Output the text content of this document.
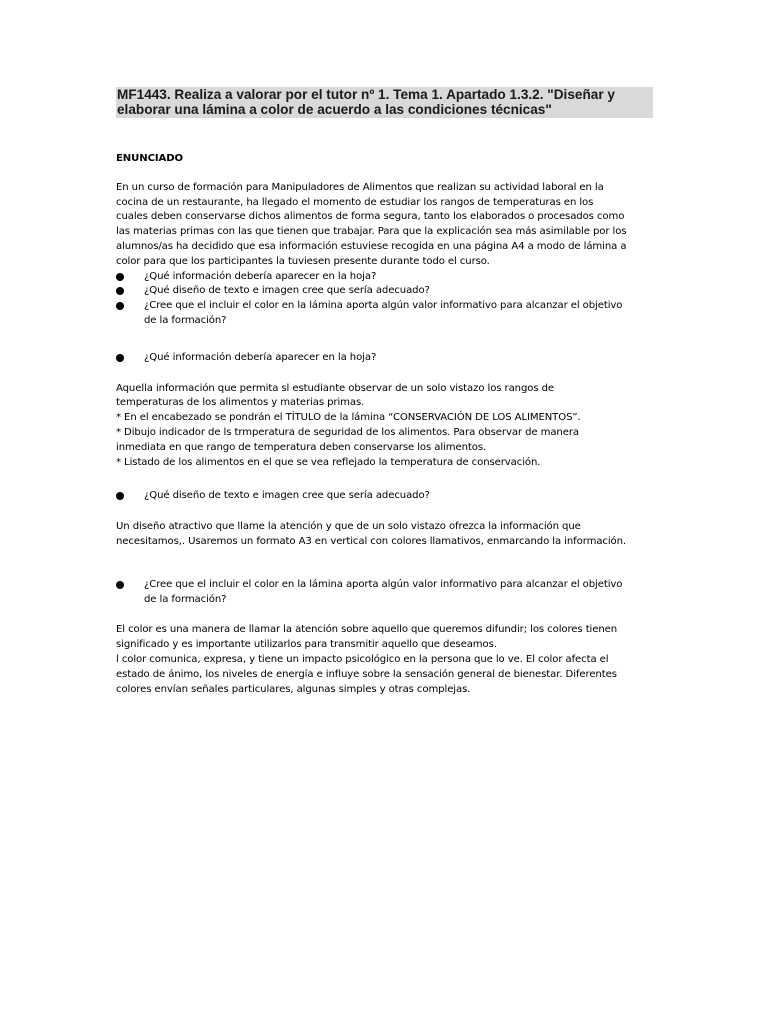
MF1443. Realiza a valorar por el tutor nº 1. Tema 1. Apartado 1.3.2. "Diseñar y
elaborar una lámina a color de acuerdo a las condiciones técnicas"
ENUNCIADO
En un curso de formación para Manipuladores de Alimentos que realizan su actividad laboral en la
cocina de un restaurante, ha llegado el momento de estudiar los rangos de temperaturas en los
cuales deben conservarse dichos alimentos de forma segura, tanto los elaborados o procesados como
las materias primas con las que tienen que trabajar. Para que la explicación sea más asimilable por los
alumnos/as ha decidido que esa información estuviese recogida en una página A4 a modo de lámina a
color para que los participantes la tuviesen presente durante todo el curso.
¿Qué información debería aparecer en la hoja?
¿Qué diseño de texto e imagen cree que sería adecuado?
¿Cree que el incluir el color en la lámina aporta algún valor informativo para alcanzar el objetivo
de la formación?
¿Qué información debería aparecer en la hoja?
Aquella información que permita sl estudiante observar de un solo vistazo los rangos de
temperaturas de los alimentos y materias primas.
* En el encabezado se pondrán el TÍTULO de la lámina “CONSERVACIÓN DE LOS ALIMENTOS”.
* Dibujo indicador de ls trmperatura de seguridad de los alimentos. Para observar de manera
inmediata en que rango de temperatura deben conservarse los alimentos.
* Listado de los alimentos en el que se vea reflejado la temperatura de conservación.
¿Qué diseño de texto e imagen cree que sería adecuado?
Un diseño atractivo que llame la atención y que de un solo vistazo ofrezca la información que
necesitamos,. Usaremos un formato A3 en vertical con colores llamativos, enmarcando la información.
¿Cree que el incluir el color en la lámina aporta algún valor informativo para alcanzar el objetivo
de la formación?
El color es una manera de llamar la atención sobre aquello que queremos difundir; los colores tienen
significado y es importante utilizarlos para transmitir aquello que deseamos.
l color comunica, expresa, y tiene un impacto psicológico en la persona que lo ve. El color afecta el
estado de ánimo, los niveles de energía e influye sobre la sensación general de bienestar. Diferentes
colores envían señales particulares, algunas simples y otras complejas.
